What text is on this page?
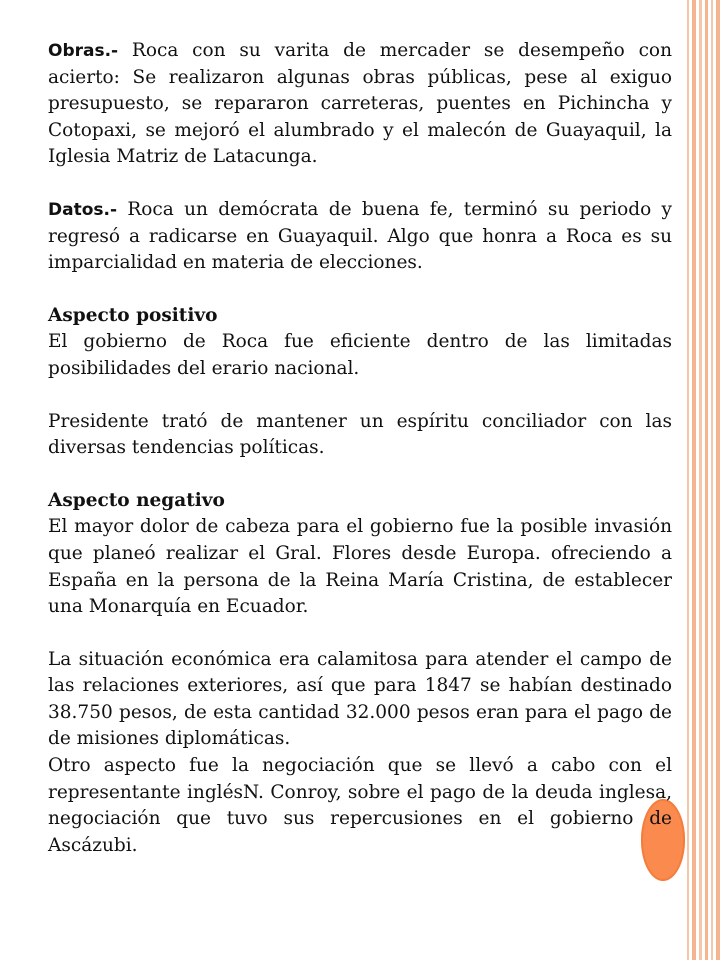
Obras.- Roca con su varita de mercader se desempeño con acierto: Se realizaron algunas obras públicas, pese al exiguo presupuesto, se repararon carreteras, puentes en Pichincha y Cotopaxi, se mejoró el alumbrado y el malecón de Guayaquil, la Iglesia Matriz de Latacunga.

Datos.- Roca un demócrata de buena fe, terminó su periodo y regresó a radicarse en Guayaquil. Algo que honra a Roca es su imparcialidad en materia de elecciones.

Aspecto positivo

El gobierno de Roca fue eficiente dentro de las limitadas posibilidades del erario nacional.

Presidente trató de mantener un espíritu conciliador con las diversas tendencias políticas.

Aspecto negativo

El mayor dolor de cabeza para el gobierno fue la posible invasión que planeó realizar el Gral. Flores desde Europa. ofreciendo a España en la persona de la Reina María Cristina, de establecer una Monarquía en Ecuador.

La situación económica era calamitosa para atender el campo de las relaciones exteriores, así que para 1847 se habían destinado 38.750 pesos, de esta cantidad 32.000 pesos eran para el pago de de misiones diplomáticas.

Otro aspecto fue la negociación que se llevó a cabo con el representante inglésN. Conroy, sobre el pago de la deuda inglesa, negociación que tuvo sus repercusiones en el gobierno de Ascázubi.
